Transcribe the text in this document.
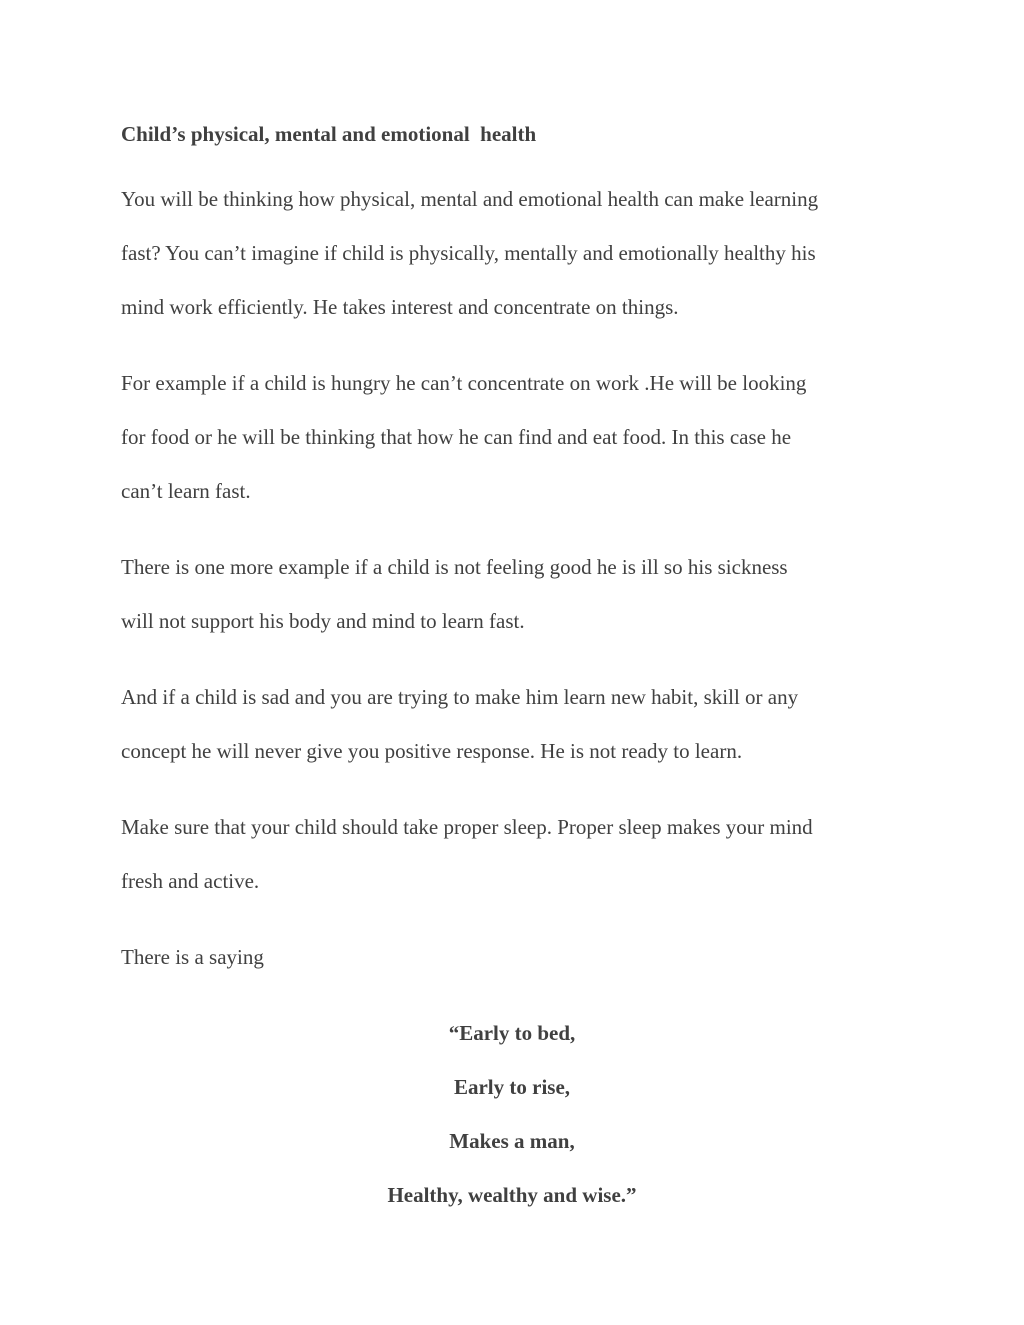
Child’s physical, mental and emotional  health
You will be thinking how physical, mental and emotional health can make learning
fast? You can’t imagine if child is physically, mentally and emotionally healthy his
mind work efficiently. He takes interest and concentrate on things.
For example if a child is hungry he can’t concentrate on work .He will be looking
for food or he will be thinking that how he can find and eat food. In this case he
can’t learn fast.
There is one more example if a child is not feeling good he is ill so his sickness
will not support his body and mind to learn fast.
And if a child is sad and you are trying to make him learn new habit, skill or any
concept he will never give you positive response. He is not ready to learn.
Make sure that your child should take proper sleep. Proper sleep makes your mind
fresh and active.
There is a saying
“Early to bed,
Early to rise,
Makes a man,
Healthy, wealthy and wise.”
